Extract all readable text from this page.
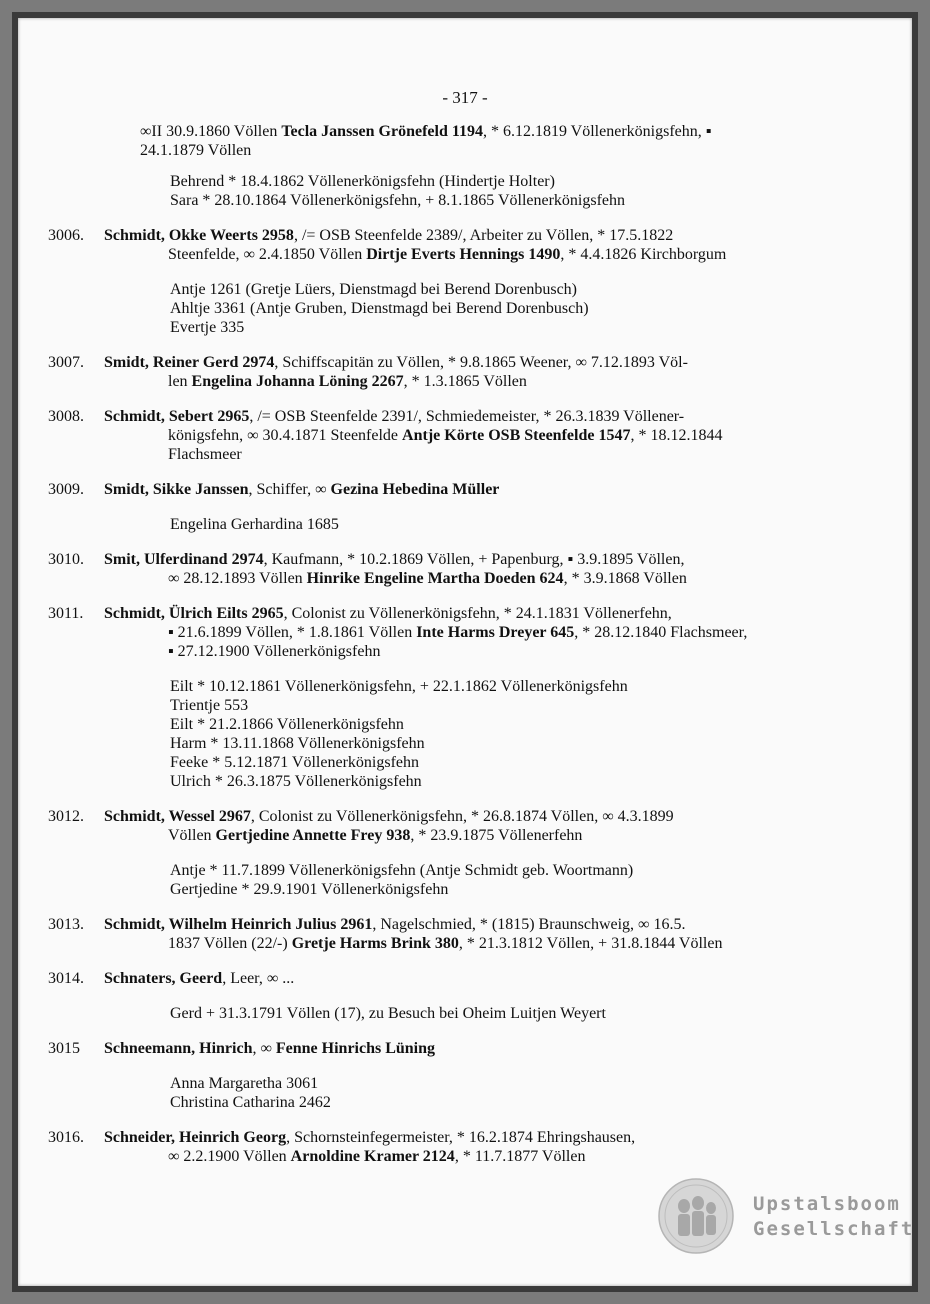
- 317 -
∞II 30.9.1860 Völlen Tecla Janssen Grönefeld 1194, * 6.12.1819 Völlenerkönigsfehn, ▪
24.1.1879 Völlen
Behrend * 18.4.1862 Völlenerkönigsfehn (Hindertje Holter)
Sara * 28.10.1864 Völlenerkönigsfehn, + 8.1.1865 Völlenerkönigsfehn
3006.	Schmidt, Okke Weerts 2958, /= OSB Steenfelde 2389/, Arbeiter zu Völlen, * 17.5.1822
Steenfelde, ∞ 2.4.1850 Völlen Dirtje Everts Hennings 1490, * 4.4.1826 Kirchborgum
Antje 1261 (Gretje Lüers, Dienstmagd bei Berend Dorenbusch)
Ahltje 3361 (Antje Gruben, Dienstmagd bei Berend Dorenbusch)
Evertje 335
3007.	Smidt, Reiner Gerd 2974, Schiffscapitän zu Völlen, * 9.8.1865 Weener, ∞ 7.12.1893 Völ-
len Engelina Johanna Löning 2267, * 1.3.1865 Völlen
3008.	Schmidt, Sebert 2965, /= OSB Steenfelde 2391/, Schmiedemeister, * 26.3.1839 Völlener-
königsfehn, ∞ 30.4.1871 Steenfelde Antje Körte OSB Steenfelde 1547, * 18.12.1844
Flachsmeer
3009.	Smidt, Sikke Janssen, Schiffer, ∞ Gezina Hebedina Müller
Engelina Gerhardina 1685
3010.	Smit, Ulferdinand 2974, Kaufmann, * 10.2.1869 Völlen, + Papenburg, ▪ 3.9.1895 Völlen,
∞ 28.12.1893 Völlen Hinrike Engeline Martha Doeden 624, * 3.9.1868 Völlen
3011.	Schmidt, Ülrich Eilts 2965, Colonist zu Völlenerkönigsfehn, * 24.1.1831 Völlenerfehn,
▪ 21.6.1899 Völlen, * 1.8.1861 Völlen Inte Harms Dreyer 645, * 28.12.1840 Flachsmeer,
▪ 27.12.1900 Völlenerkönigsfehn
Eilt * 10.12.1861 Völlenerkönigsfehn, + 22.1.1862 Völlenerkönigsfehn
Trientje 553
Eilt * 21.2.1866 Völlenerkönigsfehn
Harm * 13.11.1868 Völlenerkönigsfehn
Feeke * 5.12.1871 Völlenerkönigsfehn
Ulrich * 26.3.1875 Völlenerkönigsfehn
3012.	Schmidt, Wessel 2967, Colonist zu Völlenerkönigsfehn, * 26.8.1874 Völlen, ∞ 4.3.1899
Völlen Gertjedine Annette Frey 938, * 23.9.1875 Völlenerfehn
Antje * 11.7.1899 Völlenerkönigsfehn (Antje Schmidt geb. Woortmann)
Gertjedine * 29.9.1901 Völlenerkönigsfehn
3013.	Schmidt, Wilhelm Heinrich Julius 2961, Nagelschmied, * (1815) Braunschweig, ∞ 16.5.
1837 Völlen (22/-) Gretje Harms Brink 380, * 21.3.1812 Völlen, + 31.8.1844 Völlen
3014.	Schnaters, Geerd, Leer, ∞ ...
Gerd + 31.3.1791 Völlen (17), zu Besuch bei Oheim Luitjen Weyert
3015	Schneemann, Hinrich, ∞ Fenne Hinrichs Lüning
Anna Margaretha 3061
Christina Catharina 2462
3016.	Schneider, Heinrich Georg, Schornsteinfegermeister, * 16.2.1874 Ehringshausen,
∞ 2.2.1900 Völlen Arnoldine Kramer 2124, * 11.7.1877 Völlen
Upstalsboom
Gesellschaft
